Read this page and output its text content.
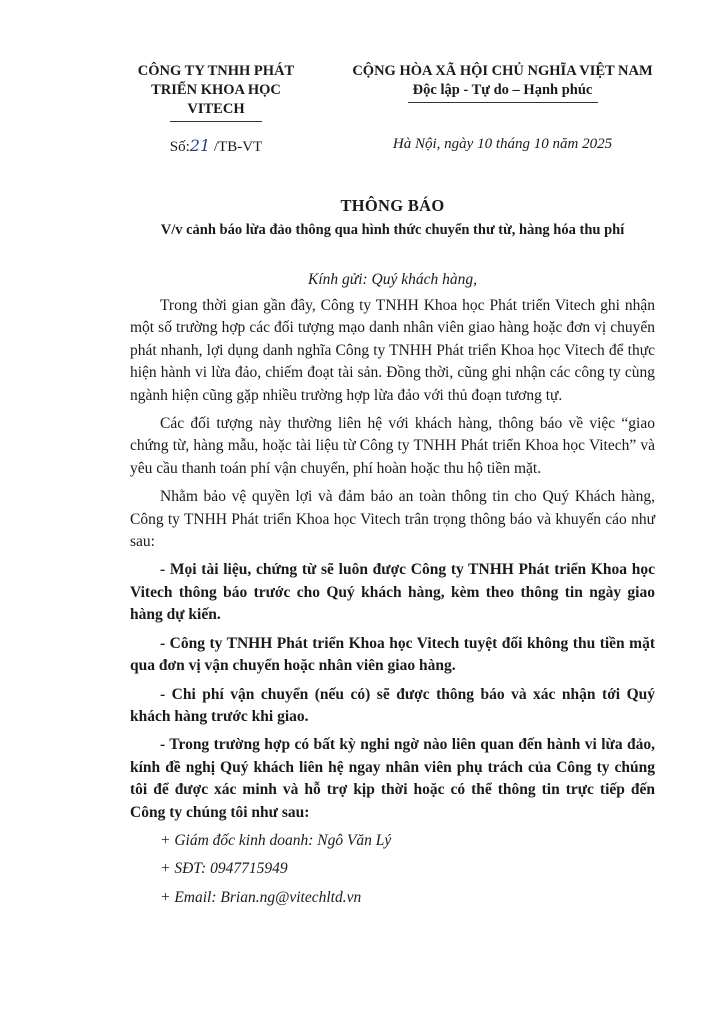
CÔNG TY TNHH PHÁT
TRIỂN KHOA HỌC VITECH
CỘNG HÒA XÃ HỘI CHỦ NGHĨA VIỆT NAM
Độc lập - Tự do – Hạnh phúc
Số:21 /TB-VT	Hà Nội, ngày 10 tháng 10 năm 2025
THÔNG BÁO
V/v cảnh báo lừa đảo thông qua hình thức chuyển thư từ, hàng hóa thu phí
Kính gửi: Quý khách hàng,

Trong thời gian gần đây, Công ty TNHH Khoa học Phát triển Vitech ghi nhận một số trường hợp các đối tượng mạo danh nhân viên giao hàng hoặc đơn vị chuyển phát nhanh, lợi dụng danh nghĩa Công ty TNHH Phát triển Khoa học Vitech để thực hiện hành vi lừa đảo, chiếm đoạt tài sản. Đồng thời, cũng ghi nhận các công ty cùng ngành hiện cũng gặp nhiều trường hợp lừa đảo với thủ đoạn tương tự.

Các đối tượng này thường liên hệ với khách hàng, thông báo về việc “giao chứng từ, hàng mẫu, hoặc tài liệu từ Công ty TNHH Phát triển Khoa học Vitech” và yêu cầu thanh toán phí vận chuyển, phí hoàn hoặc thu hộ tiền mặt.

Nhằm bảo vệ quyền lợi và đảm bảo an toàn thông tin cho Quý Khách hàng, Công ty TNHH Phát triển Khoa học Vitech trân trọng thông báo và khuyến cáo như sau:

- Mọi tài liệu, chứng từ sẽ luôn được Công ty TNHH Phát triển Khoa học Vitech thông báo trước cho Quý khách hàng, kèm theo thông tin ngày giao hàng dự kiến.

- Công ty TNHH Phát triển Khoa học Vitech tuyệt đối không thu tiền mặt qua đơn vị vận chuyển hoặc nhân viên giao hàng.

- Chi phí vận chuyển (nếu có) sẽ được thông báo và xác nhận tới Quý khách hàng trước khi giao.

- Trong trường hợp có bất kỳ nghi ngờ nào liên quan đến hành vi lừa đảo, kính đề nghị Quý khách liên hệ ngay nhân viên phụ trách của Công ty chúng tôi để được xác minh và hỗ trợ kịp thời hoặc có thể thông tin trực tiếp đến Công ty chúng tôi như sau:

+ Giám đốc kinh doanh: Ngô Văn Lý

+ SĐT: 0947715949

+ Email: Brian.ng@vitechltd.vn
